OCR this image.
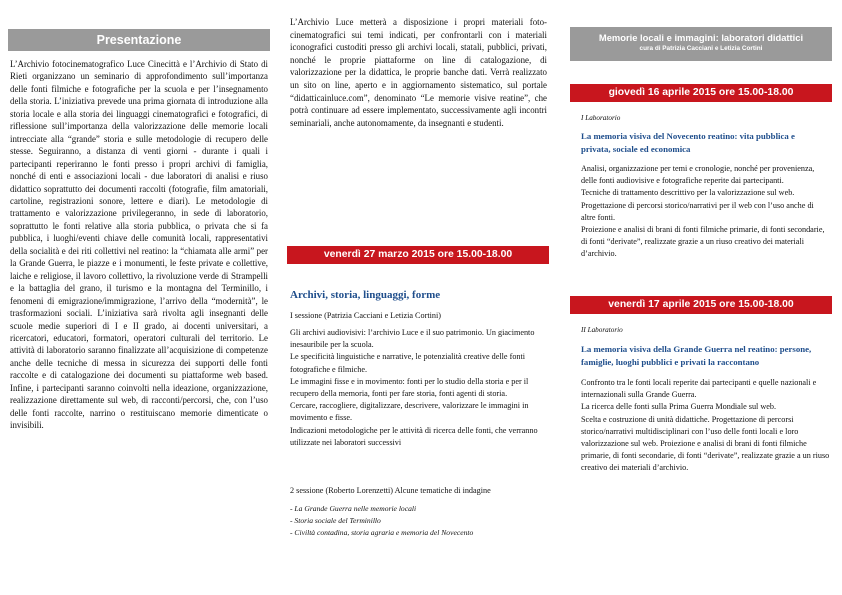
Presentazione

L’Archivio fotocinematografico Luce Cinecittà e l’Archivio di Stato di Rieti organizzano un seminario di approfondimento sull’importanza delle fonti filmiche e fotografiche per la scuola e per l’insegnamento della storia. L’iniziativa prevede una prima giornata di introduzione alla storia locale e alla storia dei linguaggi cinematografici e fotografici, di riflessione sull’importanza della valorizzazione delle memorie locali intrecciate alla “grande” storia e sulle metodologie di recupero delle stesse. Seguiranno, a distanza di venti giorni - durante i quali i partecipanti reperiranno le fonti presso i propri archivi di famiglia, nonché di enti e associazioni locali - due laboratori di analisi e riuso didattico soprattutto dei documenti raccolti (fotografie, film amatoriali, cartoline, registrazioni sonore, lettere e diari). Le metodologie di trattamento e valorizzazione privilegeranno, in sede di laboratorio, soprattutto le fonti relative alla storia pubblica, o privata che si fa pubblica, i luoghi/eventi chiave delle comunità locali, rappresentativi della socialità e dei riti collettivi nel reatino: la “chiamata alle armi” per la Grande Guerra, le piazze e i monumenti, le feste private e collettive, laiche e religiose, il lavoro collettivo, la rivoluzione verde di Strampelli e la battaglia del grano, il turismo e la montagna del Terminillo, i fenomeni di emigrazione/immigrazione, l’arrivo della “modernità”, le trasformazioni sociali. L’iniziativa sarà rivolta agli insegnanti delle scuole medie superiori di I e II grado, ai docenti universitari, a ricercatori, educatori, formatori, operatori culturali del territorio. Le attività di laboratorio saranno finalizzate all’acquisizione di competenze anche delle tecniche di messa in sicurezza dei supporti delle fonti raccolte e di catalogazione dei documenti su piattaforme web based. Infine, i partecipanti saranno coinvolti nella ideazione, organizzazione, realizzazione direttamente sul web, di racconti/percorsi, che, con l’uso delle fonti raccolte, narrino o restituiscano memorie dimenticate o invisibili.

L’Archivio Luce metterà a disposizione i propri materiali foto-cinematografici sui temi indicati, per confrontarli con i materiali iconografici custoditi presso gli archivi locali, statali, pubblici, privati, nonché le proprie piattaforme on line di catalogazione, di valorizzazione per la didattica, le proprie banche dati. Verrà realizzato un sito on line, aperto e in aggiornamento sistematico, sul portale “didatticainluce.com”, denominato “Le memorie visive reatine”, che potrà continuare ad essere implementato, successivamente agli incontri seminariali, anche autonomamente, da insegnanti e studenti.

venerdì 27 marzo 2015 ore 15.00-18.00
Archivi, storia, linguaggi, forme
I sessione (Patrizia Cacciani e Letizia Cortini)
Gli archivi audiovisivi: l’archivio Luce e il suo patrimonio. Un giacimento inesauribile per la scuola.
Le specificità linguistiche e narrative, le potenzialità creative delle fonti fotografiche e filmiche.
Le immagini fisse e in movimento: fonti per lo studio della storia e per il recupero della memoria, fonti per fare storia, fonti agenti di storia.
Cercare, raccogliere, digitalizzare, descrivere, valorizzare le immagini in movimento e fisse.
Indicazioni metodologiche per le attività di ricerca delle fonti, che verranno utilizzate nei laboratori successivi
2 sessione (Roberto Lorenzetti) Alcune tematiche di indagine
- La Grande Guerra nelle memorie locali
- Storia sociale del Terminillo
- Civiltà contadina, storia agraria e memoria del Novecento
Memorie locali e immagini: laboratori didattici
cura di Patrizia Cacciani e Letizia Cortini
giovedì 16 aprile 2015 ore 15.00-18.00
I Laboratorio
La memoria visiva del Novecento reatino: vita pubblica e privata, sociale ed economica
Analisi, organizzazione per temi e cronologie, nonché per provenienza, delle fonti audiovisive e fotografiche reperite dai partecipanti.
Tecniche di trattamento descrittivo per la valorizzazione sul web. Progettazione di percorsi storico/narrativi per il web con l’uso anche di altre fonti.
Proiezione e analisi di brani di fonti filmiche primarie, di fonti secondarie, di fonti “derivate”, realizzate grazie a un riuso creativo dei materiali d’archivio.
venerdì 17 aprile 2015 ore 15.00-18.00
II Laboratorio
La memoria visiva della Grande Guerra nel reatino: persone, famiglie, luoghi pubblici e privati la raccontano
Confronto tra le fonti locali reperite dai partecipanti e quelle nazionali e internazionali sulla Grande Guerra.
La ricerca delle fonti sulla Prima Guerra Mondiale sul web.
Scelta e costruzione di unità didattiche. Progettazione di percorsi storico/narrativi multidisciplinari con l’uso delle fonti locali e loro valorizzazione sul web. Proiezione e analisi di brani di fonti filmiche primarie, di fonti secondarie, di fonti “derivate”, realizzate grazie a un riuso creativo dei materiali d’archivio.
